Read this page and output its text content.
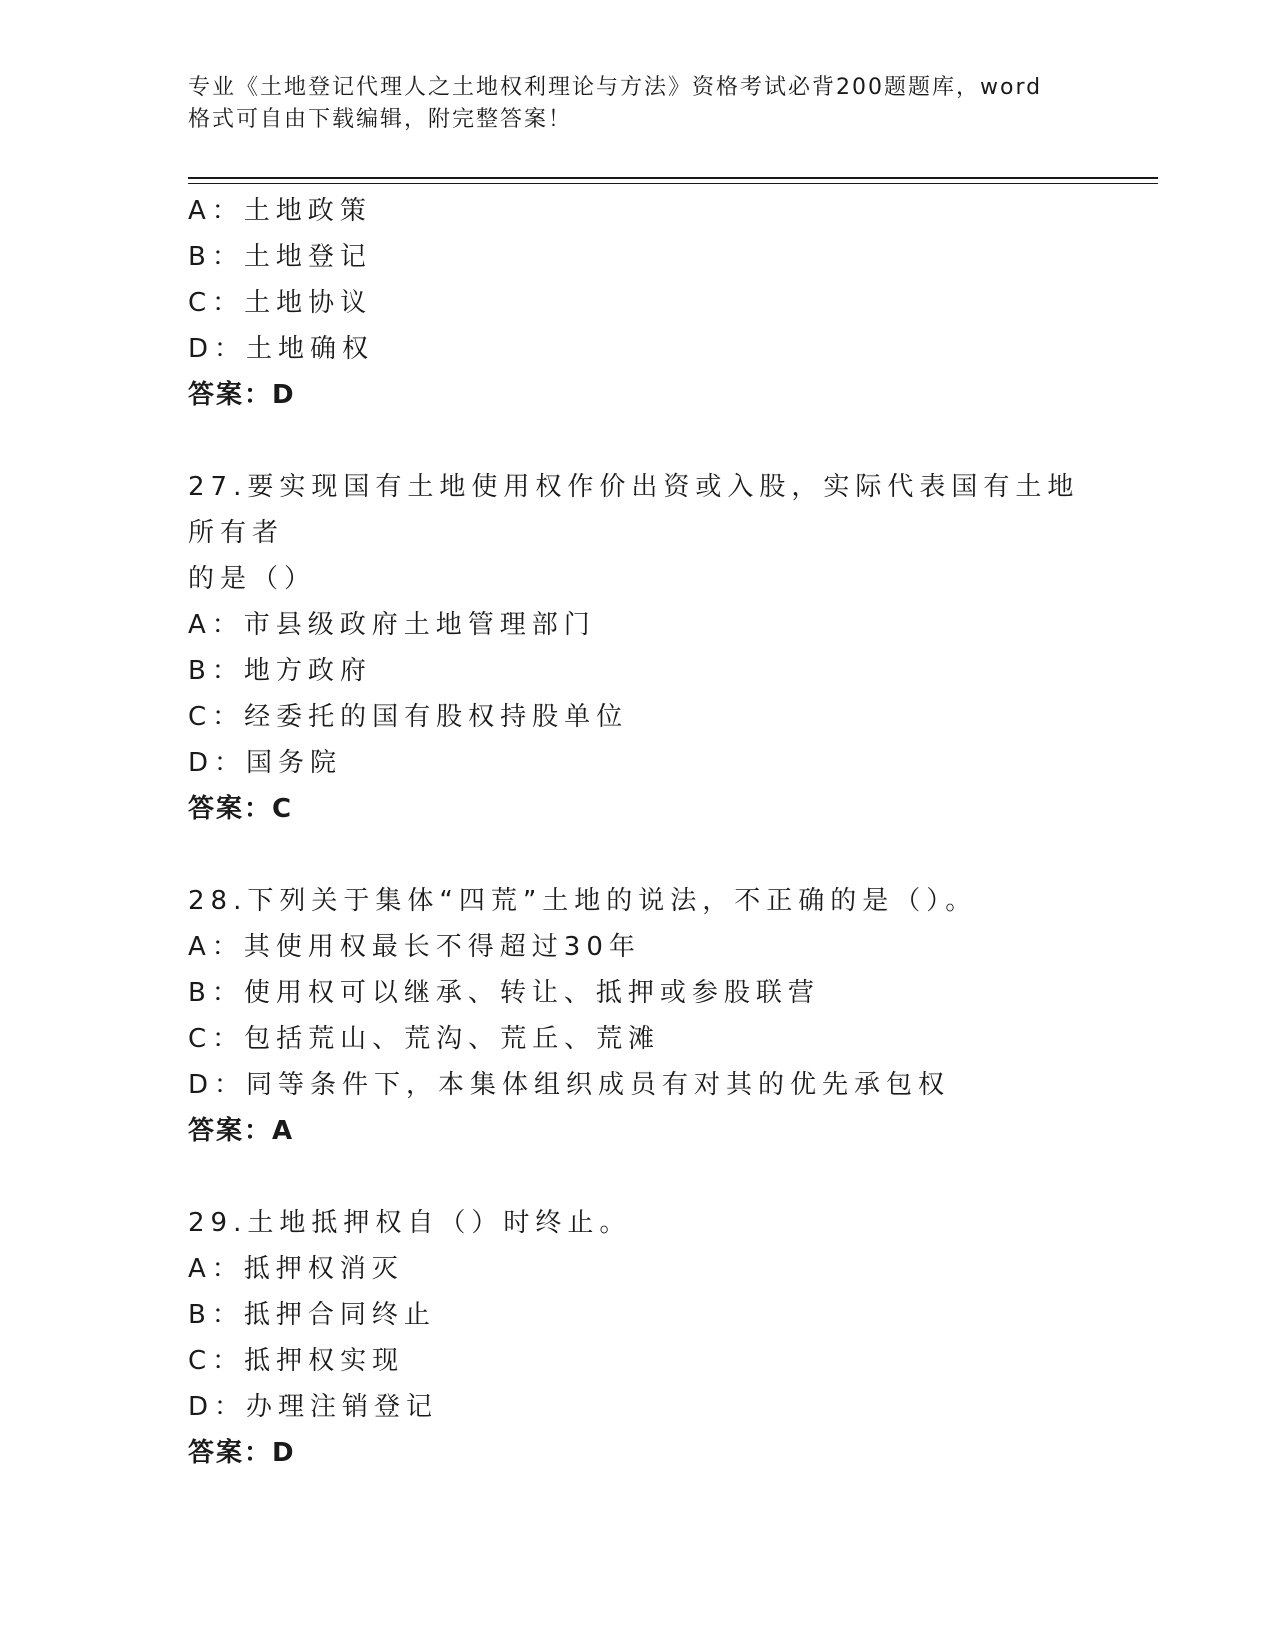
专业《土地登记代理人之土地权利理论与方法》资格考试必背200题题库，word
格式可自由下载编辑，附完整答案！
A：土地政策
B：土地登记
C：土地协议
D：土地确权
答案：D
27.要实现国有土地使用权作价出资或入股，实际代表国有土地所有者
的是（）
A：市县级政府土地管理部门
B：地方政府
C：经委托的国有股权持股单位
D：国务院
答案：C
28.下列关于集体“四荒”土地的说法，不正确的是（）。
A：其使用权最长不得超过30年
B：使用权可以继承、转让、抵押或参股联营
C：包括荒山、荒沟、荒丘、荒滩
D：同等条件下，本集体组织成员有对其的优先承包权
答案：A
29.土地抵押权自（）时终止。
A：抵押权消灭
B：抵押合同终止
C：抵押权实现
D：办理注销登记
答案：D
